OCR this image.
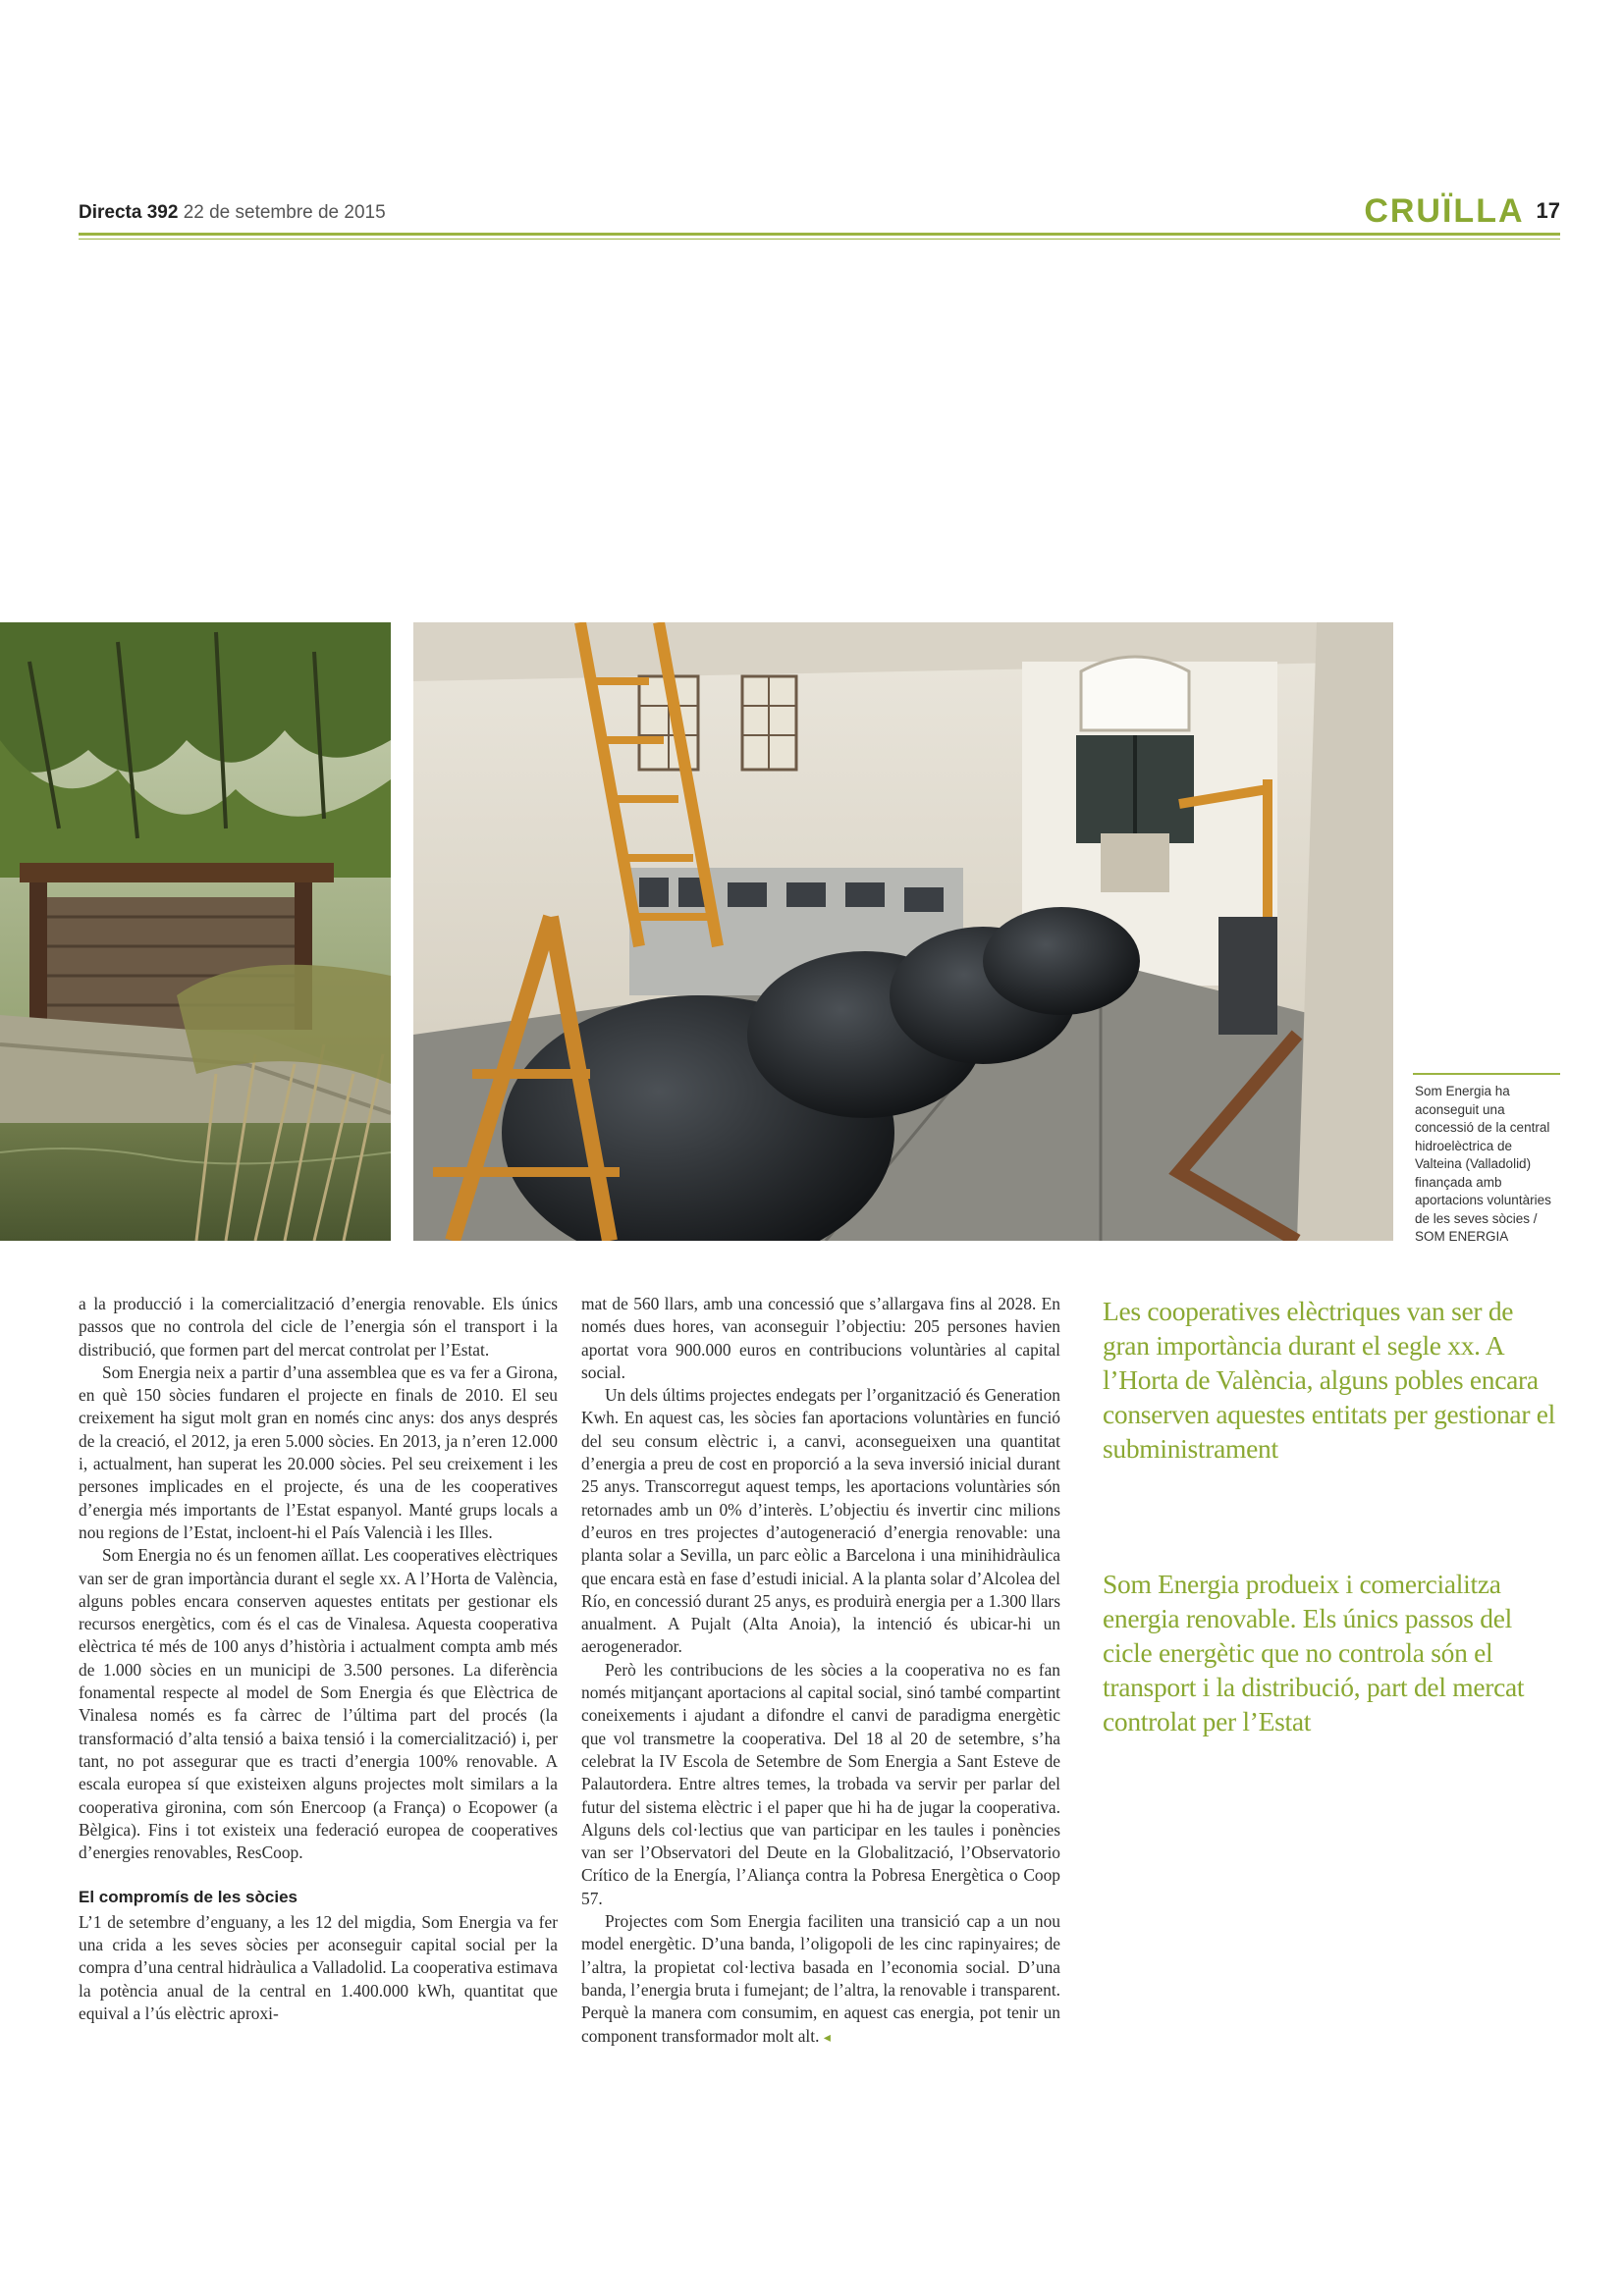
Directa 392 22 de setembre de 2015	CRUÏLLA 17
Som Energia ha aconseguit una concessió de la central hidroelèctrica de Valteina (Valladolid) finançada amb aportacions voluntàries de les seves sòcies / SOM ENERGIA

a la producció i la comercialització d’energia renovable. Els únics passos que no controla del cicle de l’energia són el transport i la distribució, que formen part del mercat controlat per l’Estat.

Som Energia neix a partir d’una assemblea que es va fer a Girona, en què 150 sòcies fundaren el projecte en finals de 2010. El seu creixement ha sigut molt gran en només cinc anys: dos anys després de la creació, el 2012, ja eren 5.000 sòcies. En 2013, ja n’eren 12.000 i, actualment, han superat les 20.000 sòcies. Pel seu creixement i les persones implicades en el projecte, és una de les cooperatives d’energia més importants de l’Estat espanyol. Manté grups locals a nou regions de l’Estat, incloent-hi el País Valencià i les Illes.

Som Energia no és un fenomen aïllat. Les cooperatives elèctriques van ser de gran importància durant el segle xx. A l’Horta de València, alguns pobles encara conserven aquestes entitats per gestionar els recursos energètics, com és el cas de Vinalesa. Aquesta cooperativa elèctrica té més de 100 anys d’història i actualment compta amb més de 1.000 sòcies en un municipi de 3.500 persones. La diferència fonamental respecte al model de Som Energia és que Elèctrica de Vinalesa només es fa càrrec de l’última part del procés (la transformació d’alta tensió a baixa tensió i la comercialització) i, per tant, no pot assegurar que es tracti d’energia 100% renovable. A escala europea sí que existeixen alguns projectes molt similars a la cooperativa gironina, com són Enercoop (a França) o Ecopower (a Bèlgica). Fins i tot existeix una federació europea de cooperatives d’energies renovables, ResCoop.

El compromís de les sòcies

L’1 de setembre d’enguany, a les 12 del migdia, Som Energia va fer una crida a les seves sòcies per aconseguir capital social per la compra d’una central hidràulica a Valladolid. La cooperativa estimava la potència anual de la central en 1.400.000 kWh, quantitat que equival a l’ús elèctric aproxi-

mat de 560 llars, amb una concessió que s’allargava fins al 2028. En només dues hores, van aconseguir l’objectiu: 205 persones havien aportat vora 900.000 euros en contribucions voluntàries al capital social.

Un dels últims projectes endegats per l’organització és Generation Kwh. En aquest cas, les sòcies fan aportacions voluntàries en funció del seu consum elèctric i, a canvi, aconsegueixen una quantitat d’energia a preu de cost en proporció a la seva inversió inicial durant 25 anys. Transcorregut aquest temps, les aportacions voluntàries són retornades amb un 0% d’interès. L’objectiu és invertir cinc milions d’euros en tres projectes d’autogeneració d’energia renovable: una planta solar a Sevilla, un parc eòlic a Barcelona i una minihidràulica que encara està en fase d’estudi inicial. A la planta solar d’Alcolea del Río, en concessió durant 25 anys, es produirà energia per a 1.300 llars anualment. A Pujalt (Alta Anoia), la intenció és ubicar-hi un aerogenerador.

Però les contribucions de les sòcies a la cooperativa no es fan només mitjançant aportacions al capital social, sinó també compartint coneixements i ajudant a difondre el canvi de paradigma energètic que vol transmetre la cooperativa. Del 18 al 20 de setembre, s’ha celebrat la IV Escola de Setembre de Som Energia a Sant Esteve de Palautordera. Entre altres temes, la trobada va servir per parlar del futur del sistema elèctric i el paper que hi ha de jugar la cooperativa. Alguns dels col·lectius que van participar en les taules i ponències van ser l’Observatori del Deute en la Globalització, l’Observatorio Crítico de la Energía, l’Aliança contra la Pobresa Energètica o Coop 57.

Projectes com Som Energia faciliten una transició cap a un nou model energètic. D’una banda, l’oligopoli de les cinc rapinyaires; de l’altra, la propietat col·lectiva basada en l’economia social. D’una banda, l’energia bruta i fumejant; de l’altra, la renovable i transparent. Perquè la manera com consumim, en aquest cas energia, pot tenir un component transformador molt alt. ◂

Les cooperatives elèctriques van ser de gran importància durant el segle xx. A l’Horta de València, alguns pobles encara conserven aquestes entitats per gestionar el subministrament
Som Energia produeix i comercialitza energia renovable. Els únics passos del cicle energètic que no controla són el transport i la distribució, part del mercat controlat per l’Estat
